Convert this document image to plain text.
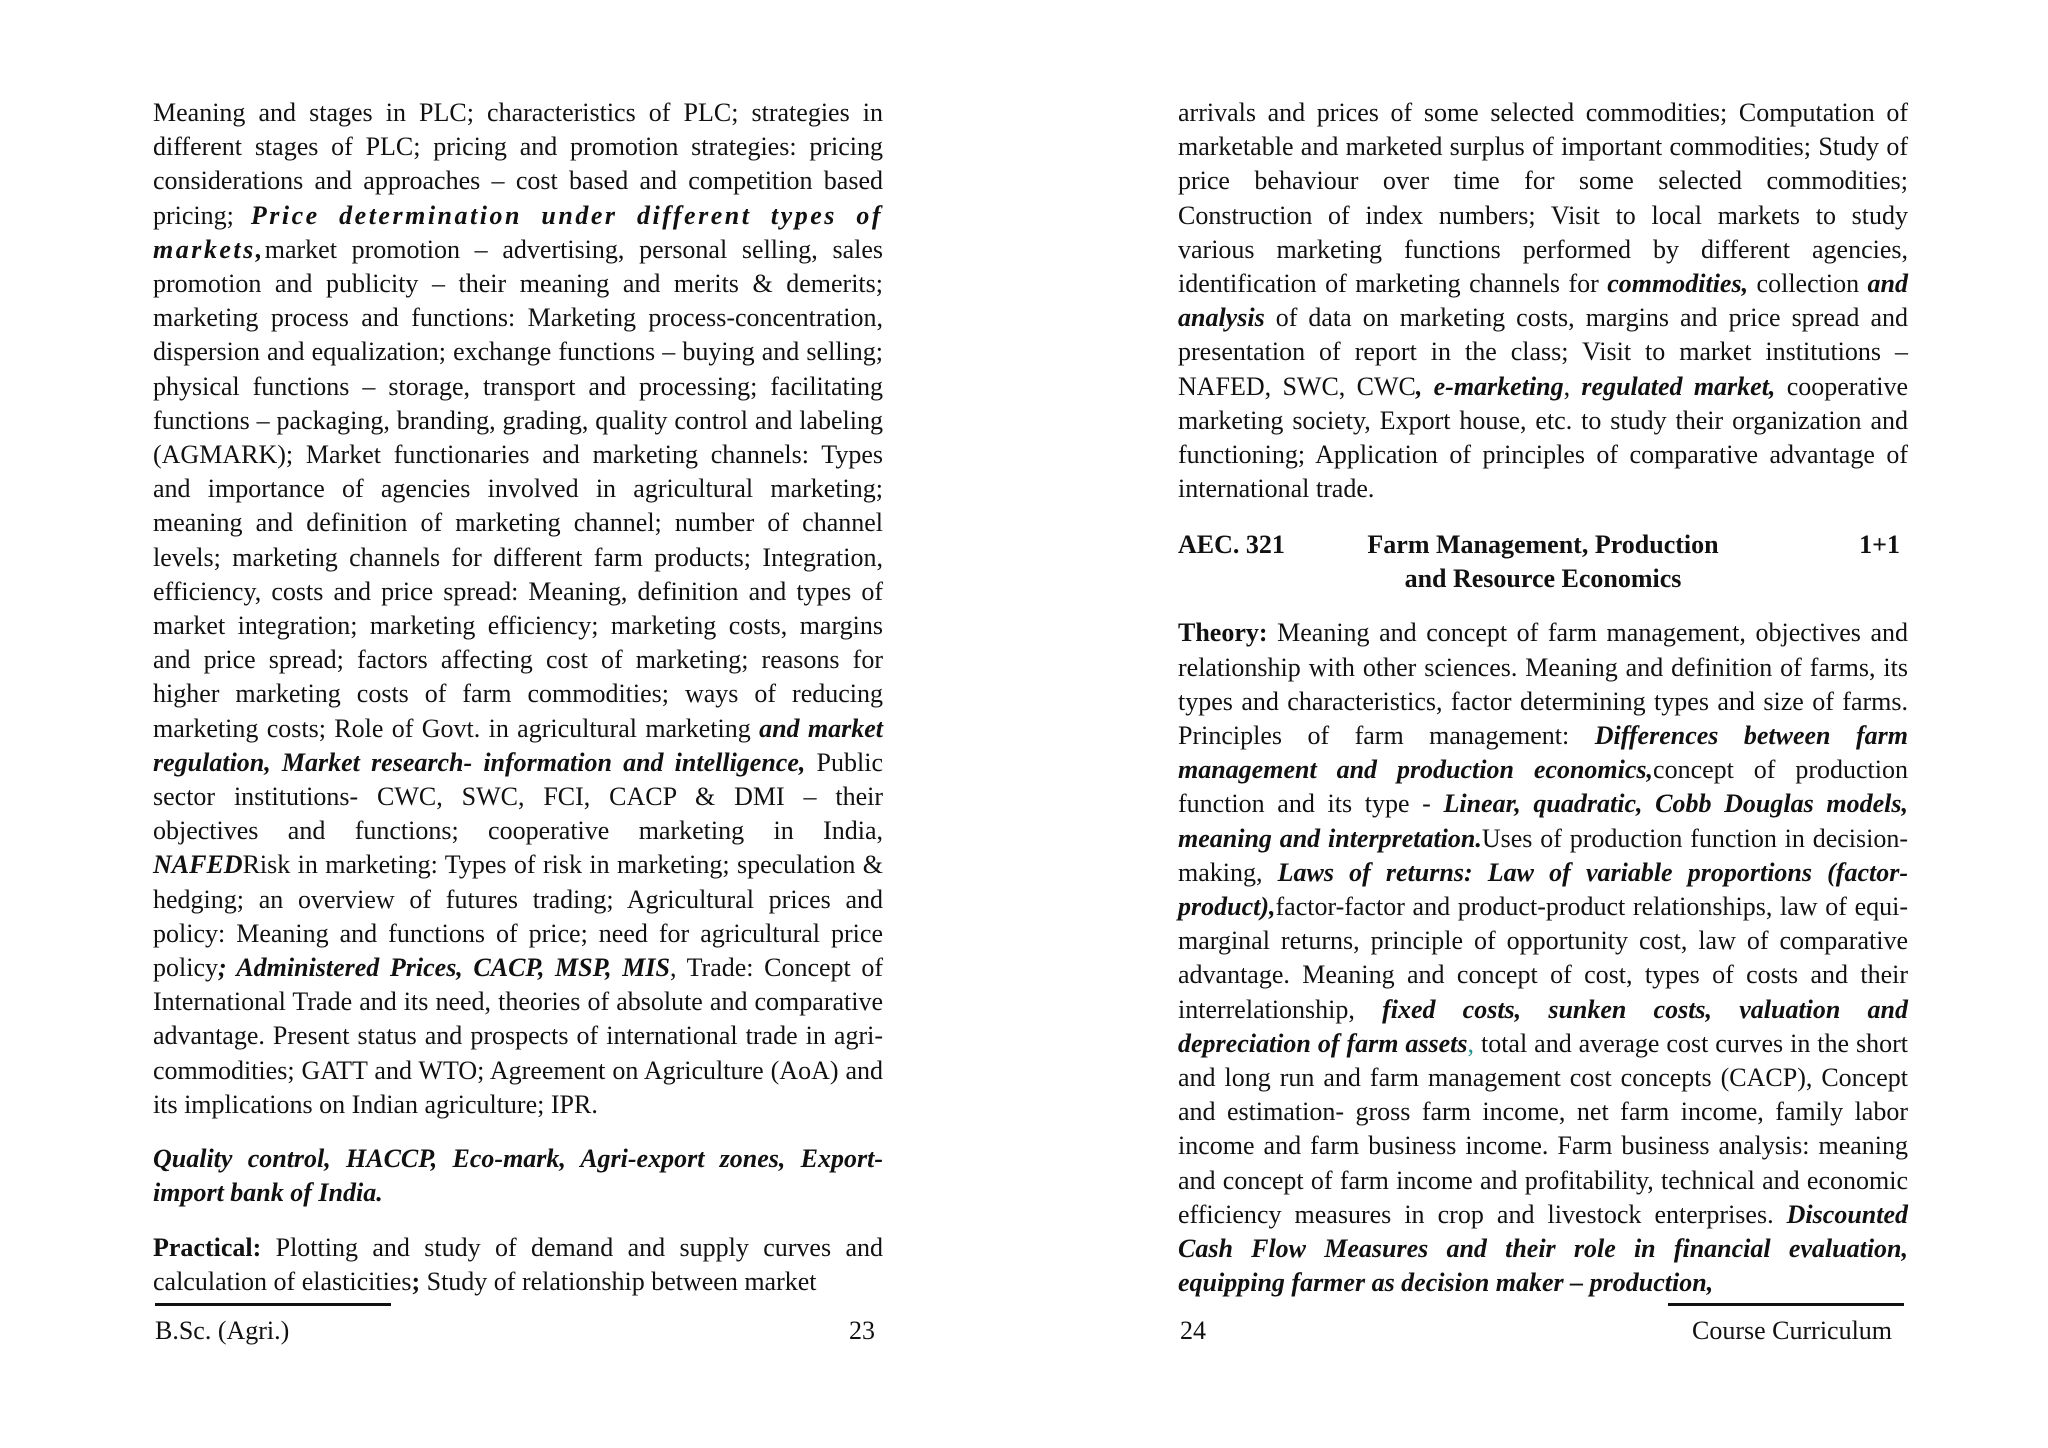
Meaning and stages in PLC; characteristics of PLC; strategies in different stages of PLC; pricing and promotion strategies: pricing considerations and approaches – cost based and competition based pricing; Price determination under different types of markets,market promotion – advertising, personal selling, sales promotion and publicity – their meaning and merits & demerits; marketing process and functions: Marketing process-concentration, dispersion and equalization; exchange functions – buying and selling; physical functions – storage, transport and processing; facilitating functions – packaging, branding, grading, quality control and labeling (AGMARK); Market functionaries and marketing channels: Types and importance of agencies involved in agricultural marketing; meaning and definition of marketing channel; number of channel levels; marketing channels for different farm products; Integration, efficiency, costs and price spread: Meaning, definition and types of market integration; marketing efficiency; marketing costs, margins and price spread; factors affecting cost of marketing; reasons for higher marketing costs of farm commodities; ways of reducing marketing costs; Role of Govt. in agricultural marketing and market regulation, Market research- information and intelligence, Public sector institutions- CWC, SWC, FCI, CACP & DMI – their objectives and functions; cooperative marketing in India, NAFEDRisk in marketing: Types of risk in marketing; speculation & hedging; an overview of futures trading; Agricultural prices and policy: Meaning and functions of price; need for agricultural price policy; Administered Prices, CACP, MSP, MIS, Trade: Concept of International Trade and its need, theories of absolute and comparative advantage. Present status and prospects of international trade in agri-commodities; GATT and WTO; Agreement on Agriculture (AoA) and its implications on Indian agriculture; IPR.

Quality control, HACCP, Eco-mark, Agri-export zones, Export-import bank of India.

Practical: Plotting and study of demand and supply curves and calculation of elasticities; Study of relationship between market

B.Sc. (Agri.)	23

arrivals and prices of some selected commodities; Computation of marketable and marketed surplus of important commodities; Study of price behaviour over time for some selected commodities; Construction of index numbers; Visit to local markets to study various marketing functions performed by different agencies, identification of marketing channels for commodities, collection and analysis of data on marketing costs, margins and price spread and presentation of report in the class; Visit to market institutions – NAFED, SWC, CWC, e-marketing, regulated market, cooperative marketing society, Export house, etc. to study their organization and functioning; Application of principles of comparative advantage of international trade.

AEC. 321	Farm Management, Production
and Resource Economics
1+1

Theory: Meaning and concept of farm management, objectives and relationship with other sciences. Meaning and definition of farms, its types and characteristics, factor determining types and size of farms. Principles of farm management: Differences between farm management and production economics,concept of production function and its type - Linear, quadratic, Cobb Douglas models, meaning and interpretation.Uses of production function in decision-making, Laws of returns: Law of variable proportions (factor-product),factor-factor and product-product relationships, law of equi-marginal returns, principle of opportunity cost, law of comparative advantage. Meaning and concept of cost, types of costs and their interrelationship, fixed costs, sunken costs, valuation and depreciation of farm assets, total and average cost curves in the short and long run and farm management cost concepts (CACP), Concept and estimation- gross farm income, net farm income, family labor income and farm business income. Farm business analysis: meaning and concept of farm income and profitability, technical and economic efficiency measures in crop and livestock enterprises. Discounted Cash Flow Measures and their role in financial evaluation, equipping farmer as decision maker – production,

24	Course Curriculum
